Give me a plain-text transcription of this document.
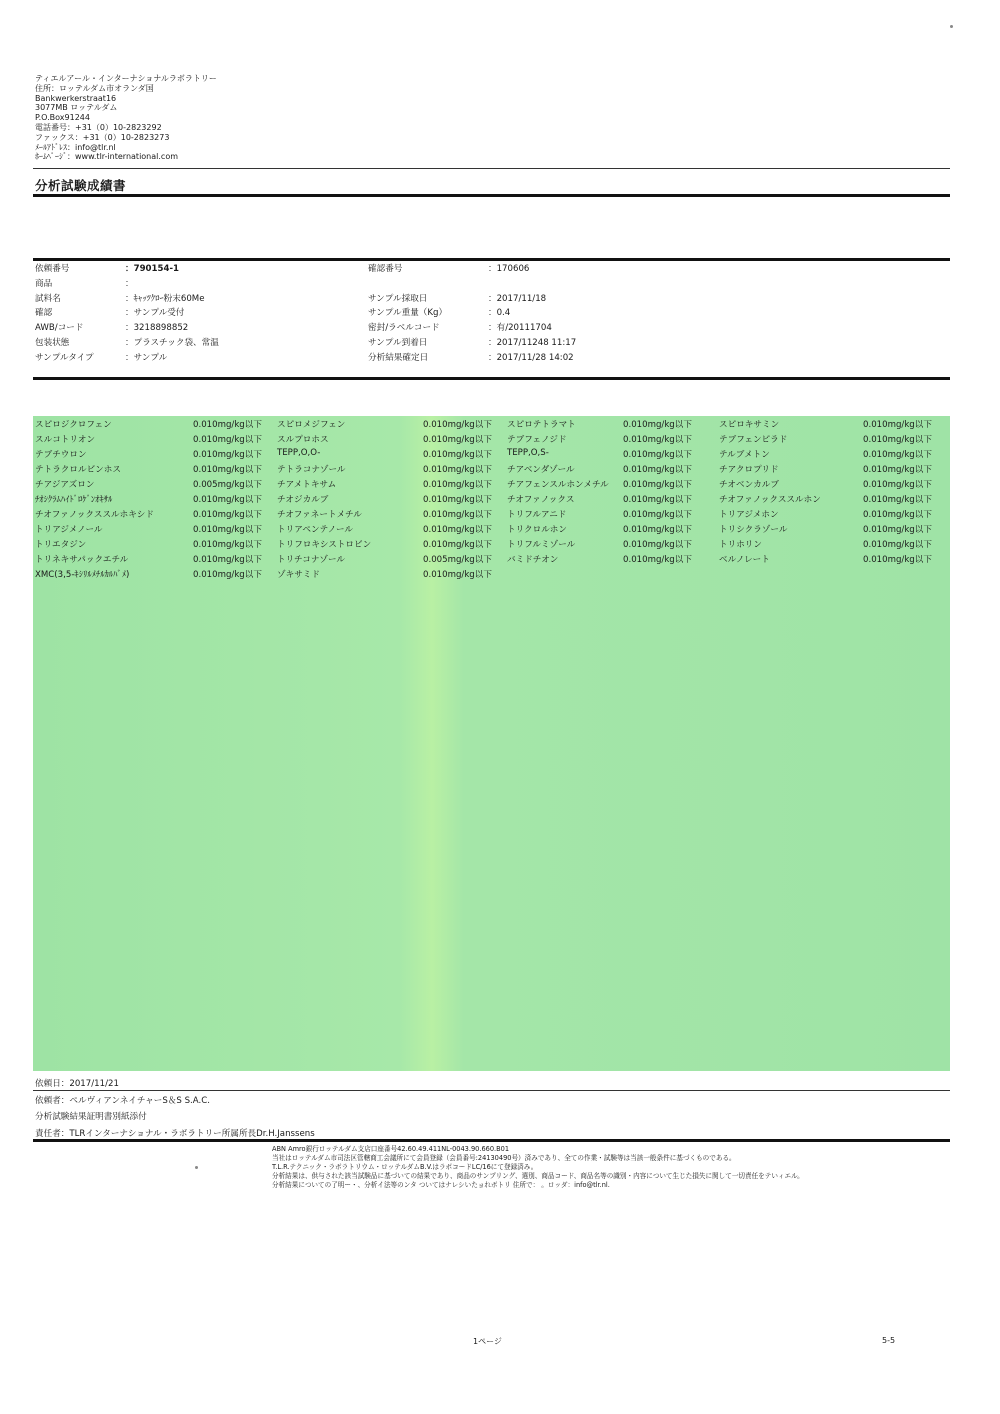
ティエルアール・インターナショナルラボラトリー
住所：ロッテルダム市オランダ国
Bankwerkerstraat16
3077MB ロッテルダム
P.O.Box91244
電話番号：+31（0）10-2823292
ファックス：+31（0）10-2823273
ﾒｰﾙｱﾄﾞﾚｽ：info@tlr.nl
ﾎｰﾑﾍﾟｰｼﾞ：www.tlr-international.com
分析試験成績書
依頼番号	：790154-1	確認番号	：170606
商品	：
試料名	：ｷｬｯﾂｸﾛｰ粉末60Me	サンプル採取日	：2017/11/18
確認	：サンプル受付	サンプル重量（Kg）	：0.4
AWB/コード	：3218898852	密封/ラベルコード	：有/20111704
包装状態	：プラスチック袋、常温	サンプル到着日	：2017/11248 11:17
サンプルタイプ	：サンプル	分析結果確定日	：2017/11/28 14:02
スピロジクロフェン	0.010mg/kg以下 スピロメジフェン	0.010mg/kg以下 スピロテトラマト	0.010mg/kg以下	スピロキサミン	0.010mg/kg以下
スルコトリオン	0.010mg/kg以下 スルプロホス	0.010mg/kg以下 テブフェノジド	0.010mg/kg以下	テブフェンピラド	0.010mg/kg以下
テブチウロン	0.010mg/kg以下 TEPP,O,O-	0.010mg/kg以下 TEPP,O,S-	0.010mg/kg以下	テルブメトン	0.010mg/kg以下
テトラクロルビンホス	0.010mg/kg以下 テトラコナゾール	0.010mg/kg以下 チアベンダゾール	0.010mg/kg以下	チアクロプリド	0.010mg/kg以下
チアジアズロン	0.005mg/kg以下 チアメトキサム	0.010mg/kg以下 チアフェンスルホンメチル 0.010mg/kg以下	チオベンカルブ	0.010mg/kg以下
ﾁｵｼｸﾗﾑﾊｲﾄﾞﾛｹﾞﾝｵｷｻﾙ	0.010mg/kg以下 チオジカルブ	0.010mg/kg以下 チオファノックス	0.010mg/kg以下	チオファノックススルホン	0.010mg/kg以下
チオファノックススルホキシド	0.010mg/kg以下 チオファネートメチル	0.010mg/kg以下 トリフルアニド	0.010mg/kg以下	トリアジメホン	0.010mg/kg以下
トリアジメノール	0.010mg/kg以下 トリアペンテノール	0.010mg/kg以下 トリクロルホン	0.010mg/kg以下	トリシクラゾール	0.010mg/kg以下
トリエタジン	0.010mg/kg以下 トリフロキシストロビン	0.010mg/kg以下 トリフルミゾール	0.010mg/kg以下	トリホリン	0.010mg/kg以下
トリネキサパックエチル	0.010mg/kg以下 トリチコナゾール	0.005mg/kg以下 バミドチオン	0.010mg/kg以下	ベルノレート	0.010mg/kg以下
XMC(3,5-ｷｼﾘﾙﾒﾁﾙｶﾙﾊﾞﾒ)	0.010mg/kg以下 ゾキサミド	0.010mg/kg以下
依頼日：2017/11/21
依頼者：ペルヴィアンネイチャーS＆S S.A.C.
分析試験結果証明書別紙添付
責任者：TLRインターナショナル・ラボラトリー所属所長Dr.H.Janssens
ABN Amro銀行ロッテルダム支店口座番号42.60.49.411NL-0043.90.660.B01
当社はロッテルダム市司法区管轄商工会議所にて会員登録（会員番号:24130490号）済みであり、全ての作業・試験等は当該一般条件に基づくものである。
T.L.R.テクニック・ラボラトリウム・ロッテルダムB.V.はラボコードLC/16にて登録済み。
分析結果は、供与された該当試験品に基づいての結果であり、商品のサンプリング、選別、商品コード、商品名等の識別・内容について生じた損失に関して一切責任をテいィエル。
分析結果についての了明ー・、分析イ法等のンタ ついてはナレシいたョれボトリ 住所で： 。ロッダ：info@tlr.nl.
1ページ	5-5
